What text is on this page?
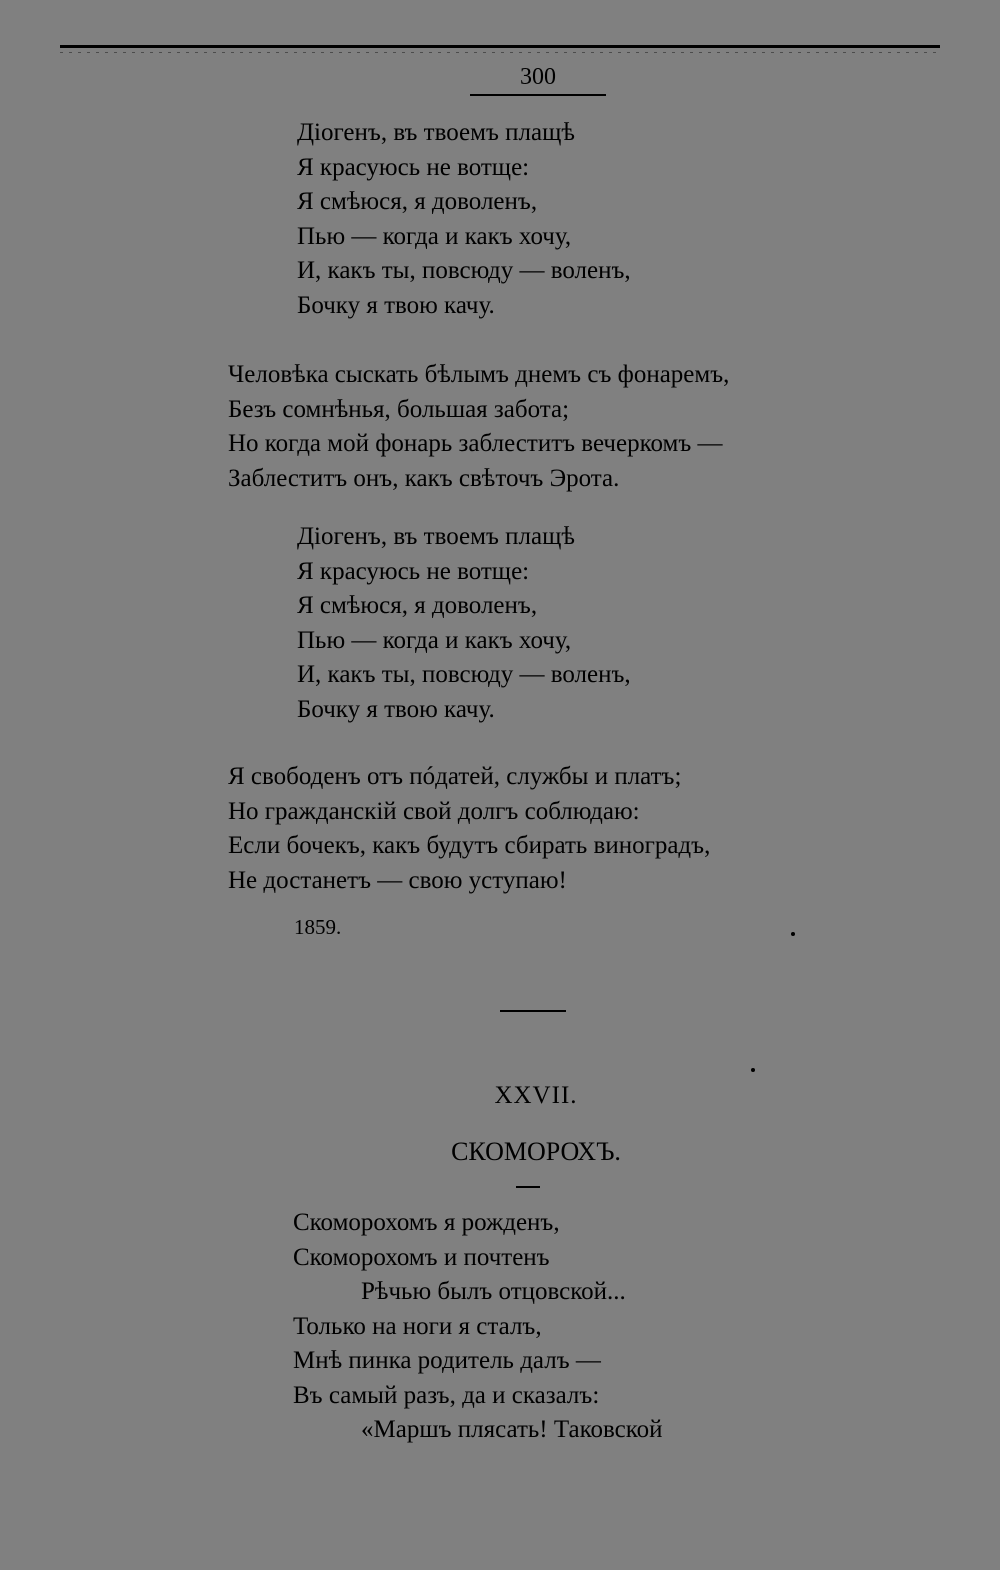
300
Діогенъ, въ твоемъ плащѣ
Я красуюсь не вотще:
Я смѣюся, я доволенъ,
Пью — когда и какъ хочу,
И, какъ ты, повсюду — воленъ,
Бочку я твою качу.
Человѣка сыскать бѣлымъ днемъ съ фонаремъ,
Безъ сомнѣнья, большая забота;
Но когда мой фонарь заблеститъ вечеркомъ —
Заблеститъ онъ, какъ свѣточъ Эрота.
Діогенъ, въ твоемъ плащѣ
Я красуюсь не вотще:
Я смѣюся, я доволенъ,
Пью — когда и какъ хочу,
И, какъ ты, повсюду — воленъ,
Бочку я твою качу.
Я свободенъ отъ пóдатей, службы и платъ;
Но гражданскій свой долгъ соблюдаю:
Если бочекъ, какъ будутъ сбирать виноградъ,
Не достанетъ — свою уступаю!
1859.
XXVII.
СКОМОРОХЪ.
Скоморохомъ я рожденъ,
Скоморохомъ и почтенъ
Рѣчью былъ отцовской...
Только на ноги я сталъ,
Мнѣ пинка родитель далъ —
Въ самый разъ, да и сказалъ:
«Маршъ плясать! Таковской
